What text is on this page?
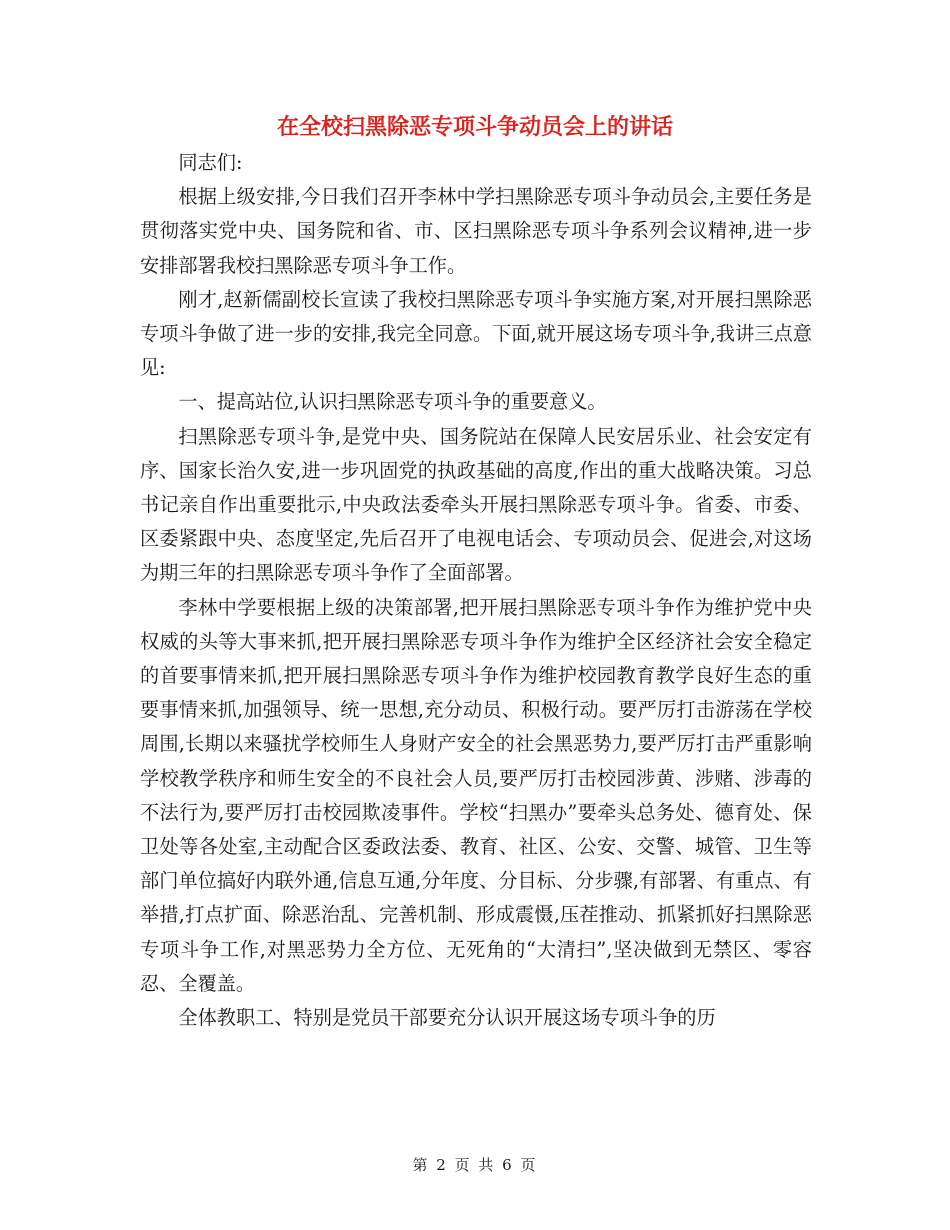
在全校扫黑除恶专项斗争动员会上的讲话

同志们:

根据上级安排,今日我们召开李林中学扫黑除恶专项斗争动员会,主要任务是贯彻落实党中央、国务院和省、市、区扫黑除恶专项斗争系列会议精神,进一步安排部署我校扫黑除恶专项斗争工作。

刚才,赵新儒副校长宣读了我校扫黑除恶专项斗争实施方案,对开展扫黑除恶专项斗争做了进一步的安排,我完全同意。下面,就开展这场专项斗争,我讲三点意见:

一、提高站位,认识扫黑除恶专项斗争的重要意义。

扫黑除恶专项斗争,是党中央、国务院站在保障人民安居乐业、社会安定有序、国家长治久安,进一步巩固党的执政基础的高度,作出的重大战略决策。习总书记亲自作出重要批示,中央政法委牵头开展扫黑除恶专项斗争。省委、市委、区委紧跟中央、态度坚定,先后召开了电视电话会、专项动员会、促进会,对这场为期三年的扫黑除恶专项斗争作了全面部署。

李林中学要根据上级的决策部署,把开展扫黑除恶专项斗争作为维护党中央权威的头等大事来抓,把开展扫黑除恶专项斗争作为维护全区经济社会安全稳定的首要事情来抓,把开展扫黑除恶专项斗争作为维护校园教育教学良好生态的重要事情来抓,加强领导、统一思想,充分动员、积极行动。要严厉打击游荡在学校周围,长期以来骚扰学校师生人身财产安全的社会黑恶势力,要严厉打击严重影响学校教学秩序和师生安全的不良社会人员,要严厉打击校园涉黄、涉赌、涉毒的不法行为,要严厉打击校园欺凌事件。学校“扫黑办”要牵头总务处、德育处、保卫处等各处室,主动配合区委政法委、教育、社区、公安、交警、城管、卫生等部门单位搞好内联外通,信息互通,分年度、分目标、分步骤,有部署、有重点、有举措,打点扩面、除恶治乱、完善机制、形成震慑,压茬推动、抓紧抓好扫黑除恶专项斗争工作,对黑恶势力全方位、无死角的“大清扫”,坚决做到无禁区、零容忍、全覆盖。

全体教职工、特别是党员干部要充分认识开展这场专项斗争的历

第 2 页 共 6 页
